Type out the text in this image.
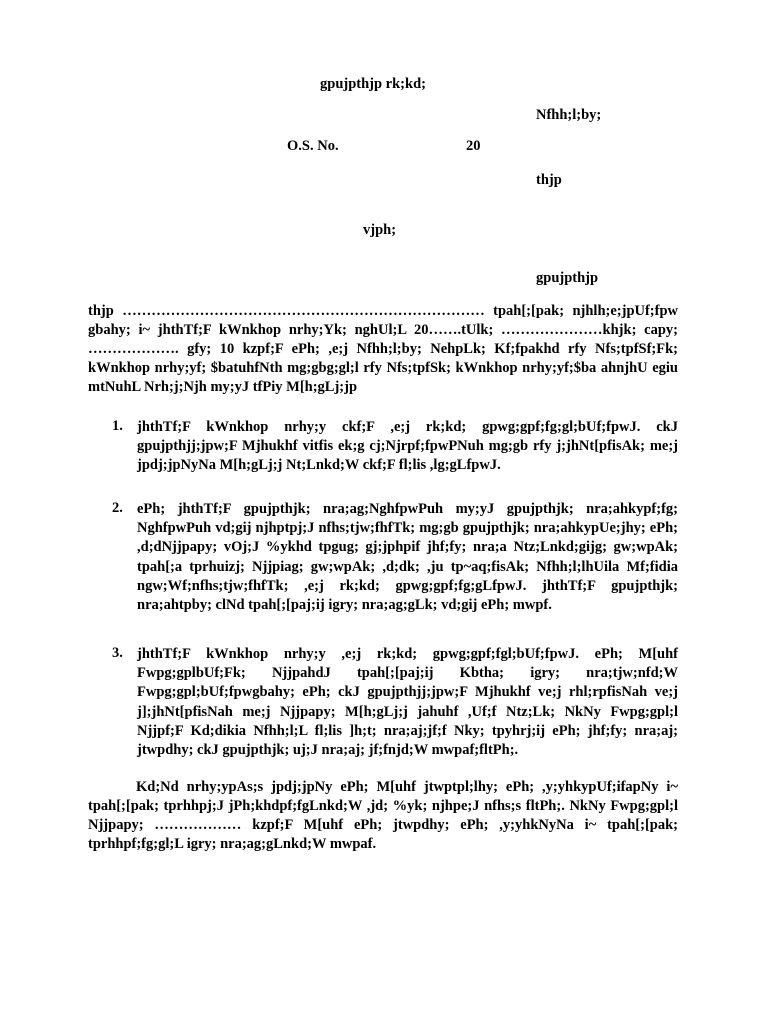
gpujpthjp rk;kd;
Nfhh;l;by;
O.S. No.	20
thjp
vjph;
gpujpthjp
thjp ………………………………………………………………… tpah[;[pak; njhlh;e;jpUf;fpw gbahy; i~ jhthTf;F kWnkhop nrhy;Yk; nghUl;L 20…….tUlk; …………………khjk; capy; ………………. gfy; 10 kzpf;F ePh; ,e;j Nfhh;l;by; NehpLk; Kf;fpakhd rfy Nfs;tpfSf;Fk; kWnkhop nrhy;yf; $batuhfNth mg;gbg;gl;l rfy Nfs;tpfSk; kWnkhop nrhy;yf;$ba ahnjhU egiu mtNuhL Nrh;j;Njh my;yJ tfPiy M[h;gLj;jp
1. jhthTf;F kWnkhop nrhy;y ckf;F ,e;j rk;kd; gpwg;gpf;fg;gl;bUf;fpwJ. ckJ gpujpthjj;jpw;F Mjhukhf vitfis ek;g cj;Njrpf;fpwPNuh mg;gb rfy j;jhNt[pfisAk; me;j jpdj;jpNyNa M[h;gLj;j Nt;Lnkd;W ckf;F fl;lis ,lg;gLfpwJ.
2. ePh; jhthTf;F gpujpthjk; nra;ag;NghfpwPuh my;yJ gpujpthjk; nra;ahkypf;fg; NghfpwPuh vd;gij njhptpj;J nfhs;tjw;fhfTk; mg;gb gpujpthjk; nra;ahkypUe;jhy; ePh; ,d;dNjjpapy; vOj;J %ykhd tpgug; gj;jphpif jhf;fy; nra;a Ntz;Lnkd;gijg; gw;wpAk; tpah[;a tprhuizj; Njjpiag; gw;wpAk; ,d;dk; ,ju tp~aq;fisAk; Nfhh;l;lhUila Mf;fidia ngw;Wf;nfhs;tjw;fhfTk; ,e;j rk;kd; gpwg;gpf;fg;gLfpwJ. jhthTf;F gpujpthjk; nra;ahtpby; clNd tpah[;[paj;ij igry; nra;ag;gLk; vd;gij ePh; mwpf.
3. jhthTf;F kWnkhop nrhy;y ,e;j rk;kd; gpwg;gpf;fgl;bUf;fpwJ. ePh; M[uhf Fwpg;gplbUf;Fk; NjjpahdJ tpah[;[paj;ij Kbtha; igry; nra;tjw;nfd;W Fwpg;gpl;bUf;fpwgbahy; ePh; ckJ gpujpthjj;jpw;F Mjhukhf ve;j rhl;rpfisNah ve;j j];jhNt[pfisNah me;j Njjpapy; M[h;gLj;j jahuhf ,Uf;f Ntz;Lk; NkNy Fwpg;gpl;l Njjpf;F Kd;dikia Nfhh;l;L fl;lis ]h;t; nra;aj;jf;f Nky; tpyhrj;ij ePh; jhf;fy; nra;aj; jtwpdhy; ckJ gpujpthjk; uj;J nra;aj; jf;fnjd;W mwpaf;fltPh;.
Kd;Nd nrhy;ypAs;s jpdj;jpNy ePh; M[uhf jtwptpl;lhy; ePh; ,y;yhkypUf;ifapNy i~ tpah[;[pak; tprhhpj;J jPh;khdpf;fgLnkd;W ,jd; %yk; njhpe;J nfhs;s fltPh;. NkNy Fwpg;gpl;l Njjpapy; ……………… kzpf;F M[uhf ePh; jtwpdhy; ePh; ,y;yhkNyNa i~ tpah[;[pak; tprhhpf;fg;gl;L igry; nra;ag;gLnkd;W mwpaf.
